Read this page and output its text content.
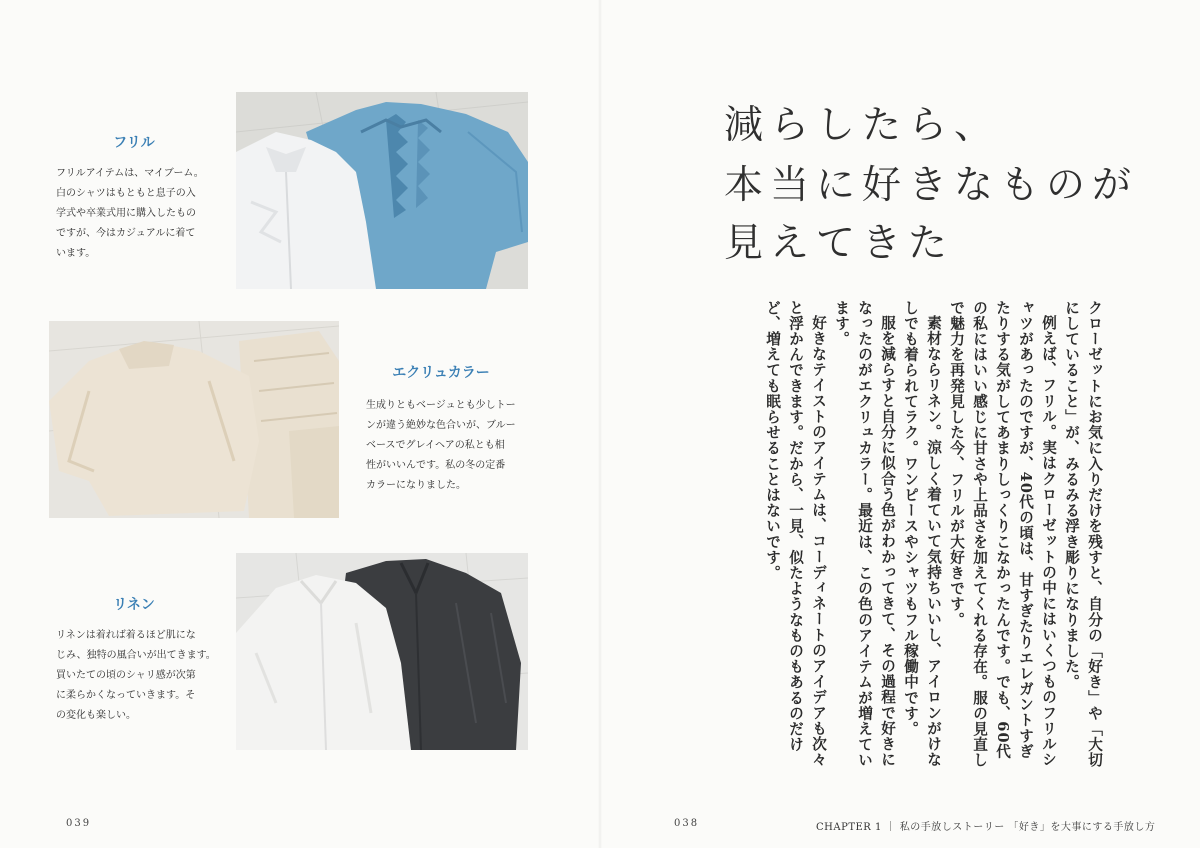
フリル
フリルアイテムは、マイブーム。
白のシャツはもともと息子の入
学式や卒業式用に購入したもの
ですが、今はカジュアルに着て
います。
エクリュカラー
生成りともベージュとも少しトー
ンが違う絶妙な色合いが、ブルー
ベースでグレイヘアの私とも相
性がいいんです。私の冬の定番
カラーになりました。
リネン
リネンは着れば着るほど肌にな
じみ、独特の風合いが出てきます。
買いたての頃のシャリ感が次第
に柔らかくなっていきます。そ
の変化も楽しい。
039
減らしたら、
本当に好きなものが
見えてきた
038	CHAPTER 1 ｜ 私の手放しストーリー 「好き」を大事にする手放し方

クローゼットにお気に入りだけを残すと、自分の「好き」や「大切にしていること」が、みるみる浮き彫りになりました。

例えば、フリル。実はクローゼットの中にはいくつものフリルシャツがあったのですが、40代の頃は、甘すぎたりエレガントすぎたりする気がしてあまりしっくりこなかったんです。でも、60代の私にはいい感じに甘さや上品さを加えてくれる存在。服の見直しで魅力を再発見した今、フリルが大好きです。

素材ならリネン。涼しく着ていて気持ちいいし、アイロンがけなしでも着られてラク。ワンピースやシャツもフル稼働中です。

服を減らすと自分に似合う色がわかってきて、その過程で好きになったのがエクリュカラー。最近は、この色のアイテムが増えています。

好きなテイストのアイテムは、コーディネートのアイデアも次々と浮かんできます。だから、一見、似たようなものもあるのだけど、増えても眠らせることはないです。
